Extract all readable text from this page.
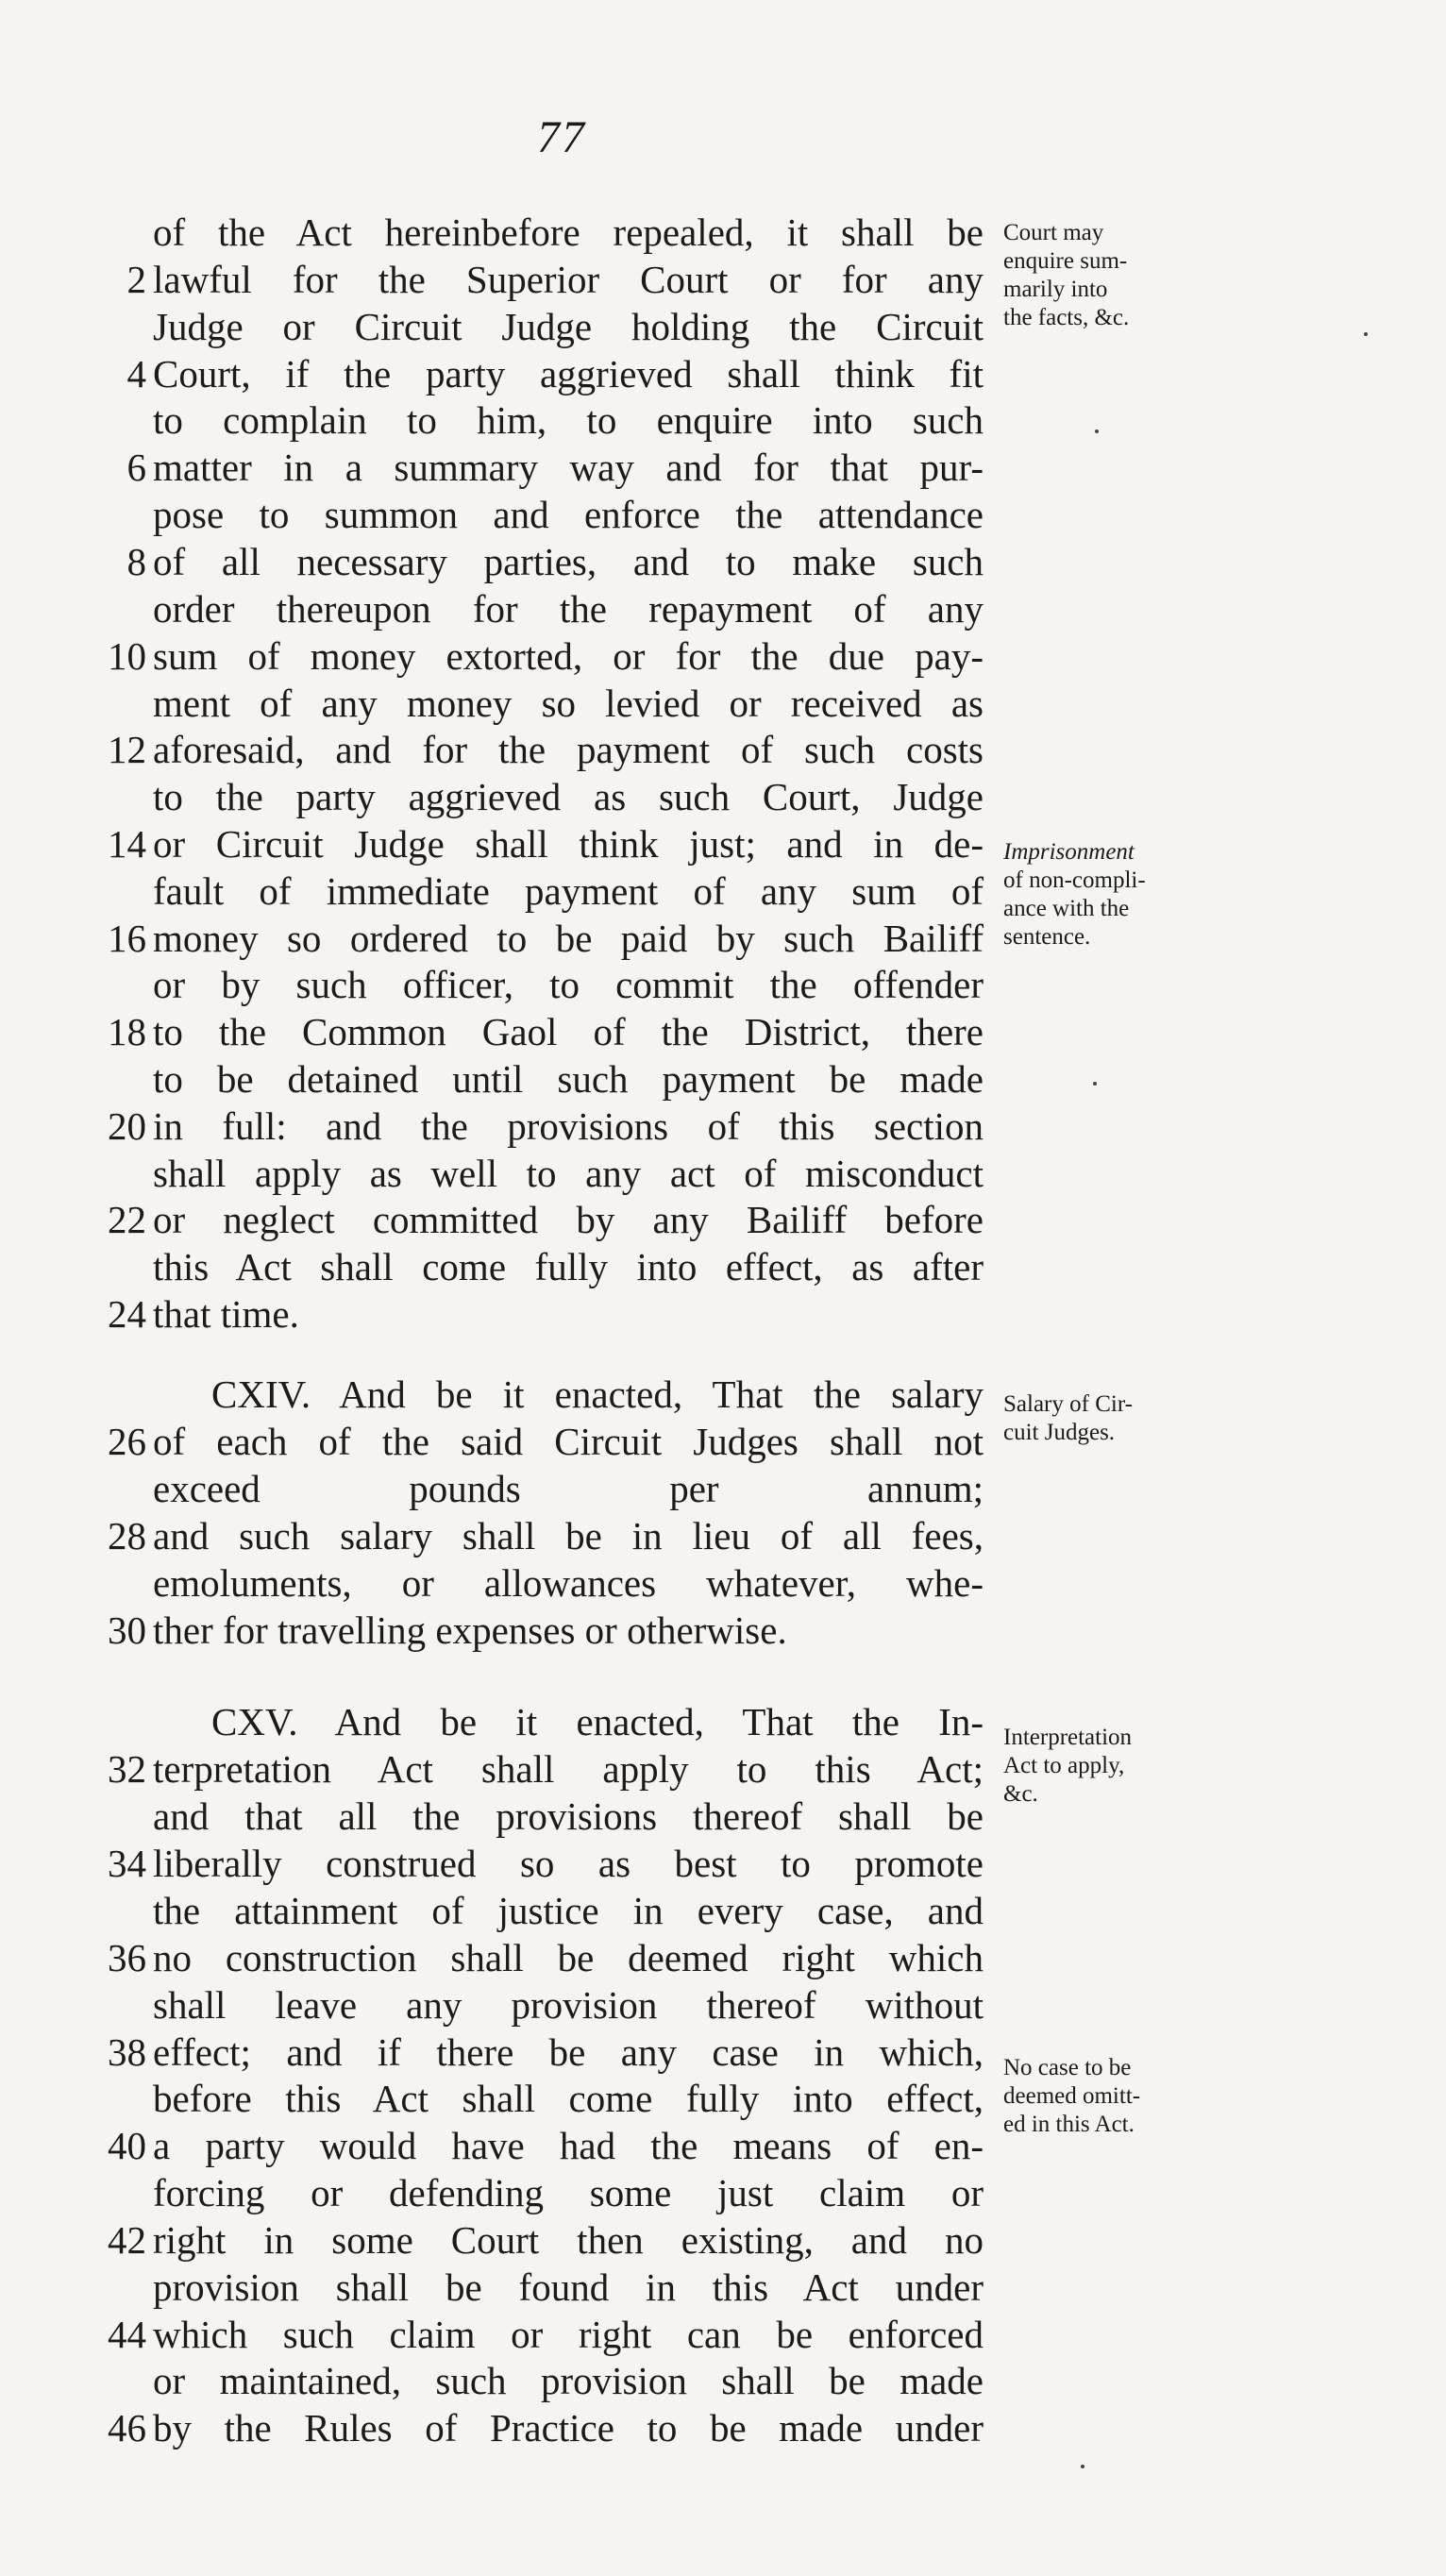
77
of the Act hereinbefore repealed, it shall be
lawful for the Superior Court or for any
2
Judge or Circuit Judge holding the Circuit
Court, if the party aggrieved shall think fit
4
to complain to him, to enquire into such
matter in a summary way and for that pur-
6
pose to summon and enforce the attendance
of all necessary parties, and to make such
8
order thereupon for the repayment of any
sum of money extorted, or for the due pay-
10
ment of any money so levied or received as
aforesaid, and for the payment of such costs
12
to the party aggrieved as such Court, Judge
or Circuit Judge shall think just; and in de-
14
fault of immediate payment of any sum of
money so ordered to be paid by such Bailiff
16
or by such officer, to commit the offender
to the Common Gaol of the District, there
18
to be detained until such payment be made
in full: and the provisions of this section
20
shall apply as well to any act of misconduct
or neglect committed by any Bailiff before
22
this Act shall come fully into effect, as after
that time.
24
CXIV. And be it enacted, That the salary
of each of the said Circuit Judges shall not
26
exceed pounds per annum;
and such salary shall be in lieu of all fees,
28
emoluments, or allowances whatever, whe-
ther for travelling expenses or otherwise.
30
CXV. And be it enacted, That the In-
terpretation Act shall apply to this Act;
32
and that all the provisions thereof shall be
liberally construed so as best to promote
34
the attainment of justice in every case, and
no construction shall be deemed right which
36
shall leave any provision thereof without
effect; and if there be any case in which,
38
before this Act shall come fully into effect,
a party would have had the means of en-
40
forcing or defending some just claim or
right in some Court then existing, and no
42
provision shall be found in this Act under
which such claim or right can be enforced
44
or maintained, such provision shall be made
by the Rules of Practice to be made under
46
Court may
enquire sum-
marily into
the facts, &c.
Imprisonment
of non-compli-
ance with the
sentence.
Salary of Cir-
cuit Judges.
Interpretation
Act to apply,
&c.
No case to be
deemed omitt-
ed in this Act.
